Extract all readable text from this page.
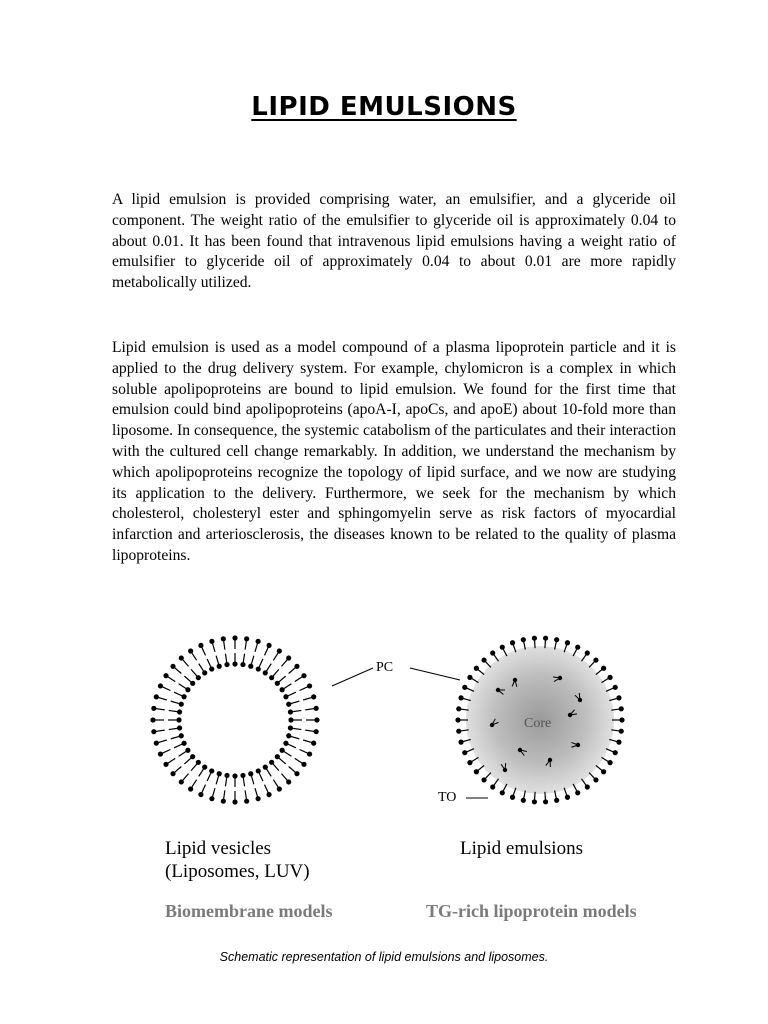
LIPID EMULSIONS

A lipid emulsion is provided comprising water, an emulsifier, and a glyceride oil component. The weight ratio of the emulsifier to glyceride oil is approximately 0.04 to about 0.01. It has been found that intravenous lipid emulsions having a weight ratio of emulsifier to glyceride oil of approximately 0.04 to about 0.01 are more rapidly metabolically utilized.

Lipid emulsion is used as a model compound of a plasma lipoprotein particle and it is applied to the drug delivery system. For example, chylomicron is a complex in which soluble apolipoproteins are bound to lipid emulsion. We found for the first time that emulsion could bind apolipoproteins (apoA-I, apoCs, and apoE) about 10-fold more than liposome. In consequence, the systemic catabolism of the particulates and their interaction with the cultured cell change remarkably. In addition, we understand the mechanism by which apolipoproteins recognize the topology of lipid surface, and we now are studying its application to the delivery. Furthermore, we seek for the mechanism by which cholesterol, cholesteryl ester and sphingomyelin serve as risk factors of myocardial infarction and arteriosclerosis, the diseases known to be related to the quality of plasma lipoproteins.

PC
Core
TO
Lipid vesicles
(Liposomes, LUV)
Lipid emulsions
Biomembrane models	TG-rich lipoprotein models
Schematic representation of lipid emulsions and liposomes.
